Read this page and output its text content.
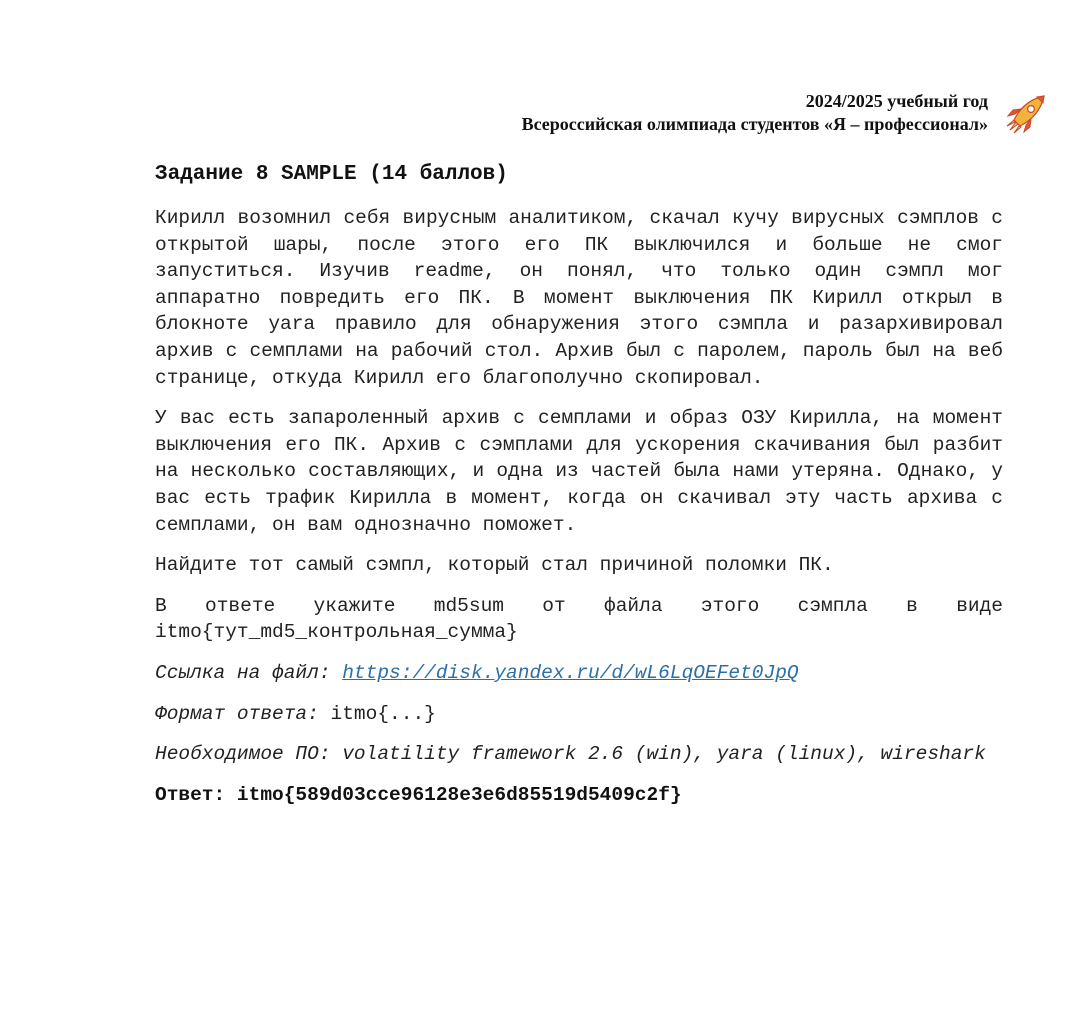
2024/2025 учебный год
Всероссийская олимпиада студентов «Я – профессионал»
Задание 8 SAMPLE (14 баллов)

Кирилл возомнил себя вирусным аналитиком, скачал кучу вирусных сэмплов с открытой шары, после этого его ПК выключился и больше не смог запуститься. Изучив readme, он понял, что только один сэмпл мог аппаратно повредить его ПК. В момент выключения ПК Кирилл открыл в блокноте yara правило для обнаружения этого сэмпла и разархивировал архив с семплами на рабочий стол. Архив был с паролем, пароль был на веб странице, откуда Кирилл его благополучно скопировал.

У вас есть запароленный архив с семплами и образ ОЗУ Кирилла, на момент выключения его ПК. Архив с сэмплами для ускорения скачивания был разбит на несколько составляющих, и одна из частей была нами утеряна. Однако, у вас есть трафик Кирилла в момент, когда он скачивал эту часть архива с семплами, он вам однозначно поможет.

Найдите тот самый сэмпл, который стал причиной поломки ПК.

В ответе укажите md5sum от файла этого сэмпла в виде itmo{тут_md5_контрольная_сумма}

Ссылка на файл: https://disk.yandex.ru/d/wL6LqOEFet0JpQ

Формат ответа: itmo{...}

Необходимое ПО: volatility framework 2.6 (win), yara (linux), wireshark

Ответ: itmo{589d03cce96128e3e6d85519d5409c2f}
